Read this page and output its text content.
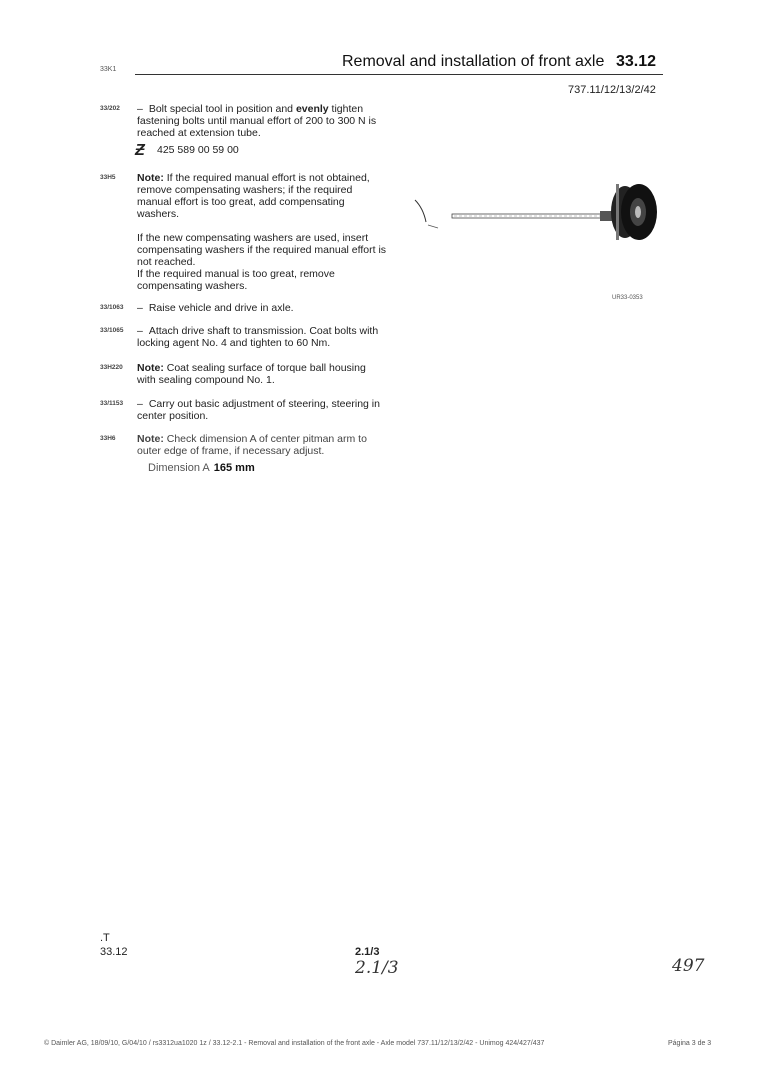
33K1	Removal and installation of front axle 33.12
737.11/12/13/2/42
33/202 – Bolt special tool in position and evenly tighten fastening bolts until manual effort of 200 to 300 N is reached at extension tube.
Ƶ 425 589 00 59 00
33H5 Note: If the required manual effort is not obtained, remove compensating washers; if the required manual effort is too great, add compensating washers.
If the new compensating washers are used, insert compensating washers if the required manual effort is not reached.
If the required manual is too great, remove compensating washers.
33/1063 – Raise vehicle and drive in axle.
33/1065 – Attach drive shaft to transmission. Coat bolts with locking agent No. 4 and tighten to 60 Nm.
33H220 Note: Coat sealing surface of torque ball housing with sealing compound No. 1.
33/1153 – Carry out basic adjustment of steering, steering in center position.
33H6 Note: Check dimension A of center pitman arm to outer edge of frame, if necessary adjust.
Dimension A 165 mm
UR33-0353
.T
33.12	2.1/3
2.1/3	497
© Daimler AG, 18/09/10, G/04/10 / rs3312ua1020 1z / 33.12-2.1 - Removal and installation of the front axle - Axle model 737.11/12/13/2/42 - Unimog 424/427/437	Página 3 de 3
